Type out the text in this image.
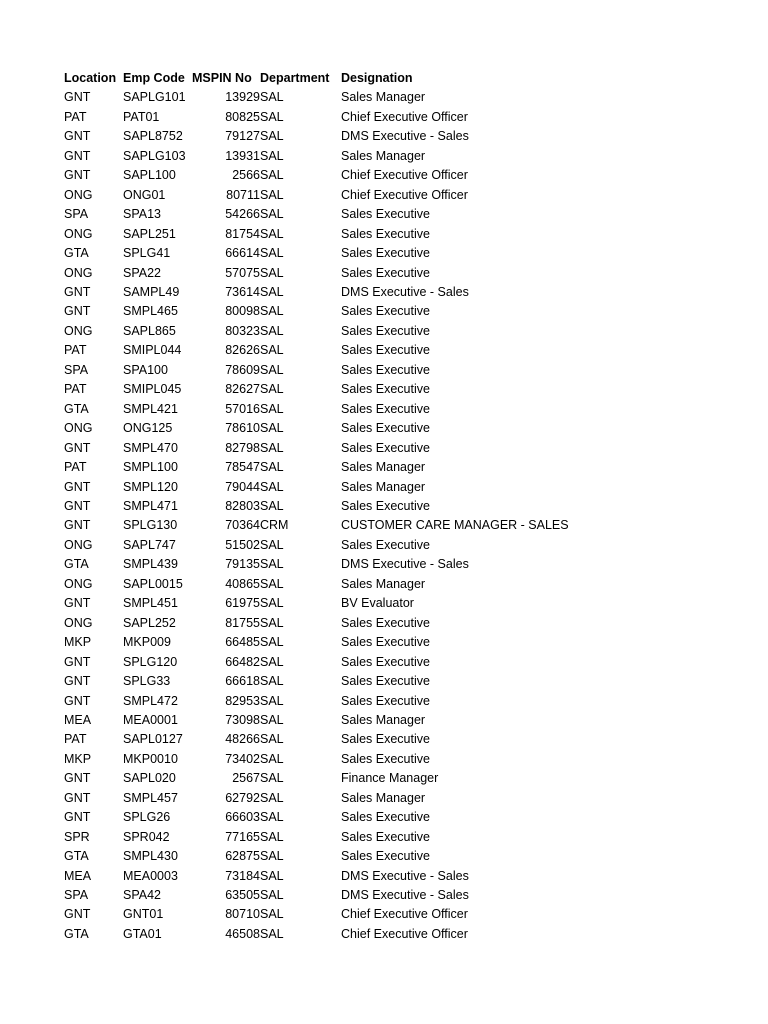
Location	Emp Code	MSPIN No	Department	Designation
GNT	SAPLG101	13929	SAL	Sales Manager
PAT	PAT01	80825	SAL	Chief Executive Officer
GNT	SAPL8752	79127	SAL	DMS Executive - Sales
GNT	SAPLG103	13931	SAL	Sales Manager
GNT	SAPL100	2566	SAL	Chief Executive Officer
ONG	ONG01	80711	SAL	Chief Executive Officer
SPA	SPA13	54266	SAL	Sales Executive
ONG	SAPL251	81754	SAL	Sales Executive
GTA	SPLG41	66614	SAL	Sales Executive
ONG	SPA22	57075	SAL	Sales Executive
GNT	SAMPL49	73614	SAL	DMS Executive - Sales
GNT	SMPL465	80098	SAL	Sales Executive
ONG	SAPL865	80323	SAL	Sales Executive
PAT	SMIPL044	82626	SAL	Sales Executive
SPA	SPA100	78609	SAL	Sales Executive
PAT	SMIPL045	82627	SAL	Sales Executive
GTA	SMPL421	57016	SAL	Sales Executive
ONG	ONG125	78610	SAL	Sales Executive
GNT	SMPL470	82798	SAL	Sales Executive
PAT	SMPL100	78547	SAL	Sales Manager
GNT	SMPL120	79044	SAL	Sales Manager
GNT	SMPL471	82803	SAL	Sales Executive
GNT	SPLG130	70364	CRM	CUSTOMER CARE MANAGER - SALES
ONG	SAPL747	51502	SAL	Sales Executive
GTA	SMPL439	79135	SAL	DMS Executive - Sales
ONG	SAPL0015	40865	SAL	Sales Manager
GNT	SMPL451	61975	SAL	BV Evaluator
ONG	SAPL252	81755	SAL	Sales Executive
MKP	MKP009	66485	SAL	Sales Executive
GNT	SPLG120	66482	SAL	Sales Executive
GNT	SPLG33	66618	SAL	Sales Executive
GNT	SMPL472	82953	SAL	Sales Executive
MEA	MEA0001	73098	SAL	Sales Manager
PAT	SAPL0127	48266	SAL	Sales Executive
MKP	MKP0010	73402	SAL	Sales Executive
GNT	SAPL020	2567	SAL	Finance Manager
GNT	SMPL457	62792	SAL	Sales Manager
GNT	SPLG26	66603	SAL	Sales Executive
SPR	SPR042	77165	SAL	Sales Executive
GTA	SMPL430	62875	SAL	Sales Executive
MEA	MEA0003	73184	SAL	DMS Executive - Sales
SPA	SPA42	63505	SAL	DMS Executive - Sales
GNT	GNT01	80710	SAL	Chief Executive Officer
GTA	GTA01	46508	SAL	Chief Executive Officer
